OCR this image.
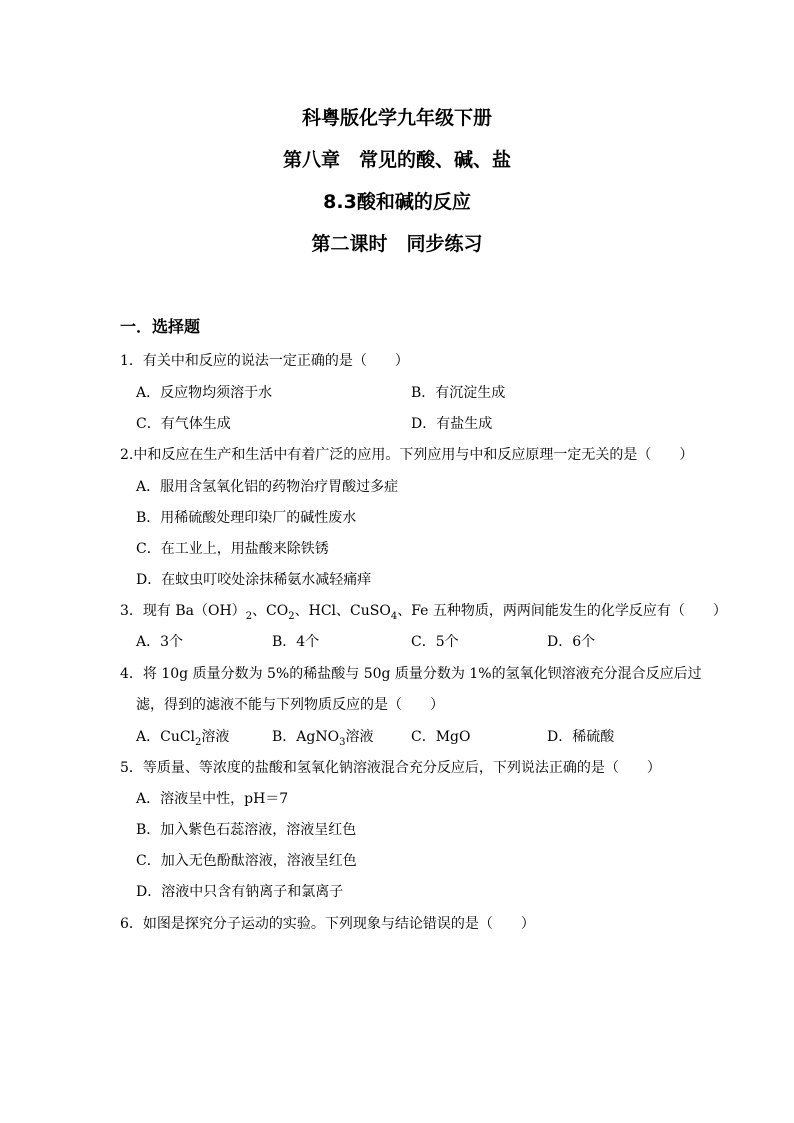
科粤版化学九年级下册
第八章　常见的酸、碱、盐
8.3酸和碱的反应
第二课时　同步练习
一．选择题
1．有关中和反应的说法一定正确的是（　　）
A．反应物均须溶于水	B．有沉淀生成
C．有气体生成	D．有盐生成
2.中和反应在生产和生活中有着广泛的应用。下列应用与中和反应原理一定无关的是（　　）
A．服用含氢氧化铝的药物治疗胃酸过多症
B．用稀硫酸处理印染厂的碱性废水
C．在工业上，用盐酸来除铁锈
D．在蚊虫叮咬处涂抹稀氨水减轻痛痒
3．现有 $Ba(OH)_2$、$CO_2$、HCl、CuSO$_4$、Fe 五种物质，两两间能发生的化学反应有（　　）
A．3个	B．4个	C．5个	D．6个
4．将 10g 质量分数为 5%的稀盐酸与 50g 质量分数为 1%的氢氧化钡溶液充分混合反应后过
滤，得到的滤液不能与下列物质反应的是（　　）
A．CuCl$_2$溶液	B．AgNO$_3$溶液	C．MgO	D．稀硫酸
5．等质量、等浓度的盐酸和氢氧化钠溶液混合充分反应后，下列说法正确的是（　　）
A．溶液呈中性，pH＝7
B．加入紫色石蕊溶液，溶液呈红色
C．加入无色酚酞溶液，溶液呈红色
D．溶液中只含有钠离子和氯离子
6．如图是探究分子运动的实验。下列现象与结论错误的是（　　）
